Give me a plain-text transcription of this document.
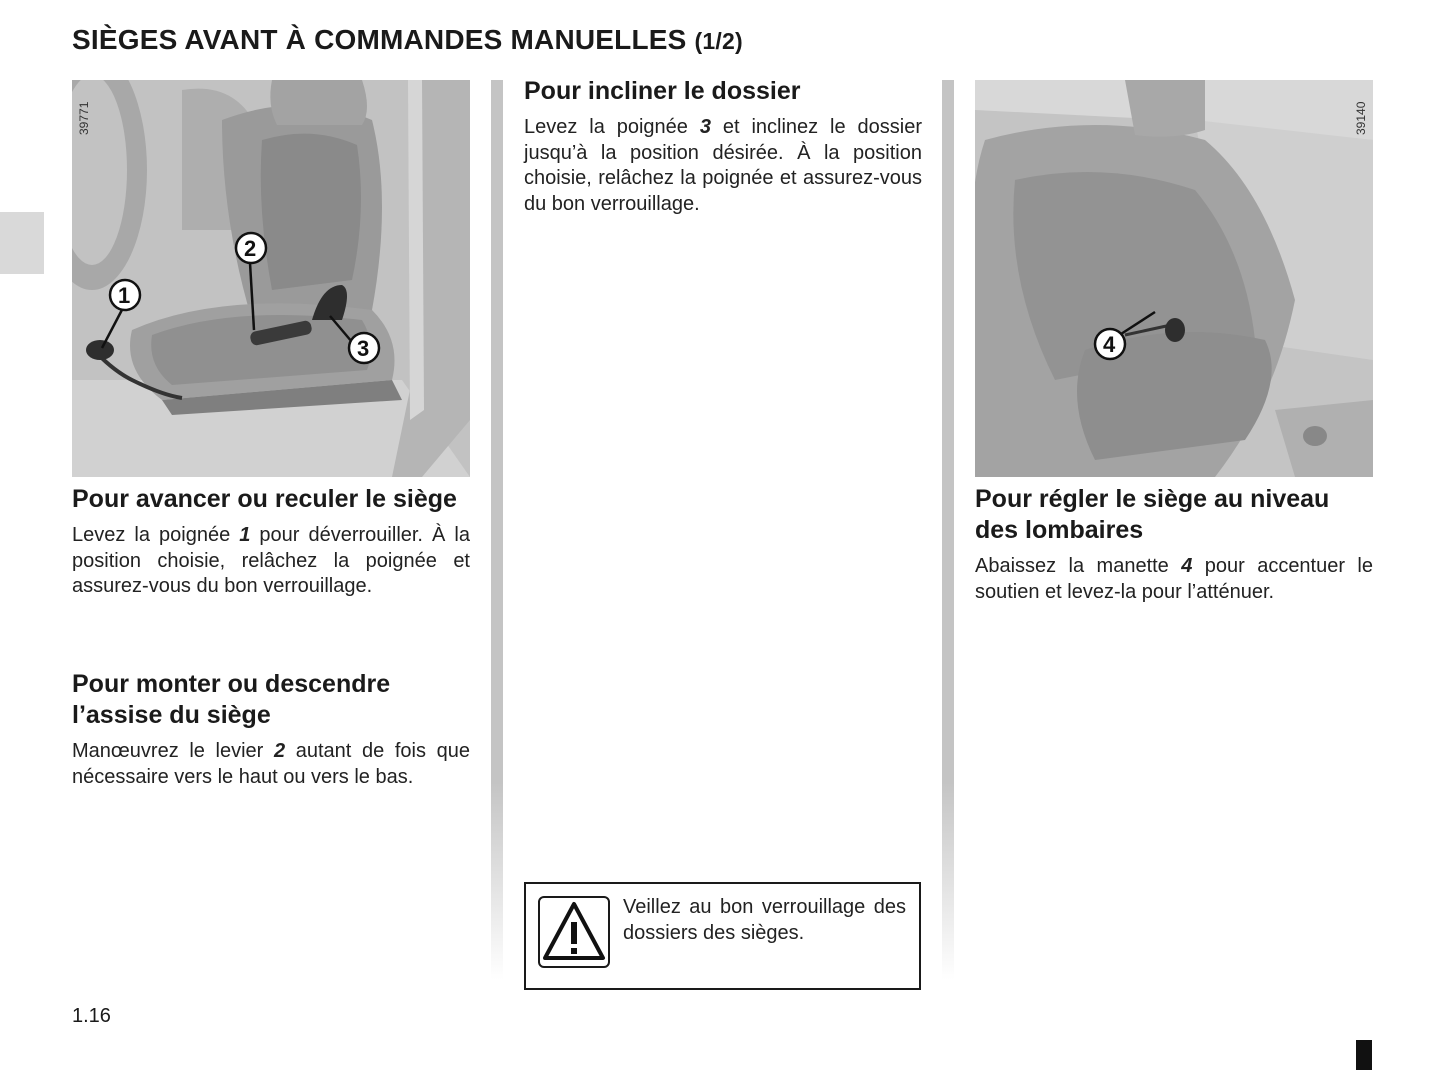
SIÈGES AVANT À COMMANDES MANUELLES (1/2)
39771
1
2
3
39140
4
Pour avancer ou reculer le siège

Levez la poignée 1 pour déverrouiller. À la position choisie, relâchez la poignée et assurez-vous du bon verrouillage.

Pour monter ou descendre l’assise du siège

Manœuvrez le levier 2 autant de fois que nécessaire vers le haut ou vers le bas.

Pour incliner le dossier

Levez la poignée 3 et inclinez le dossier jusqu’à la position désirée. À la position choisie, relâchez la poignée et assurez-vous du bon verrouillage.

Pour régler le siège au niveau des lombaires

Abaissez la manette 4 pour accentuer le soutien et levez-la pour l’atténuer.

Veillez au bon verrouillage des dossiers des sièges.
1.16
